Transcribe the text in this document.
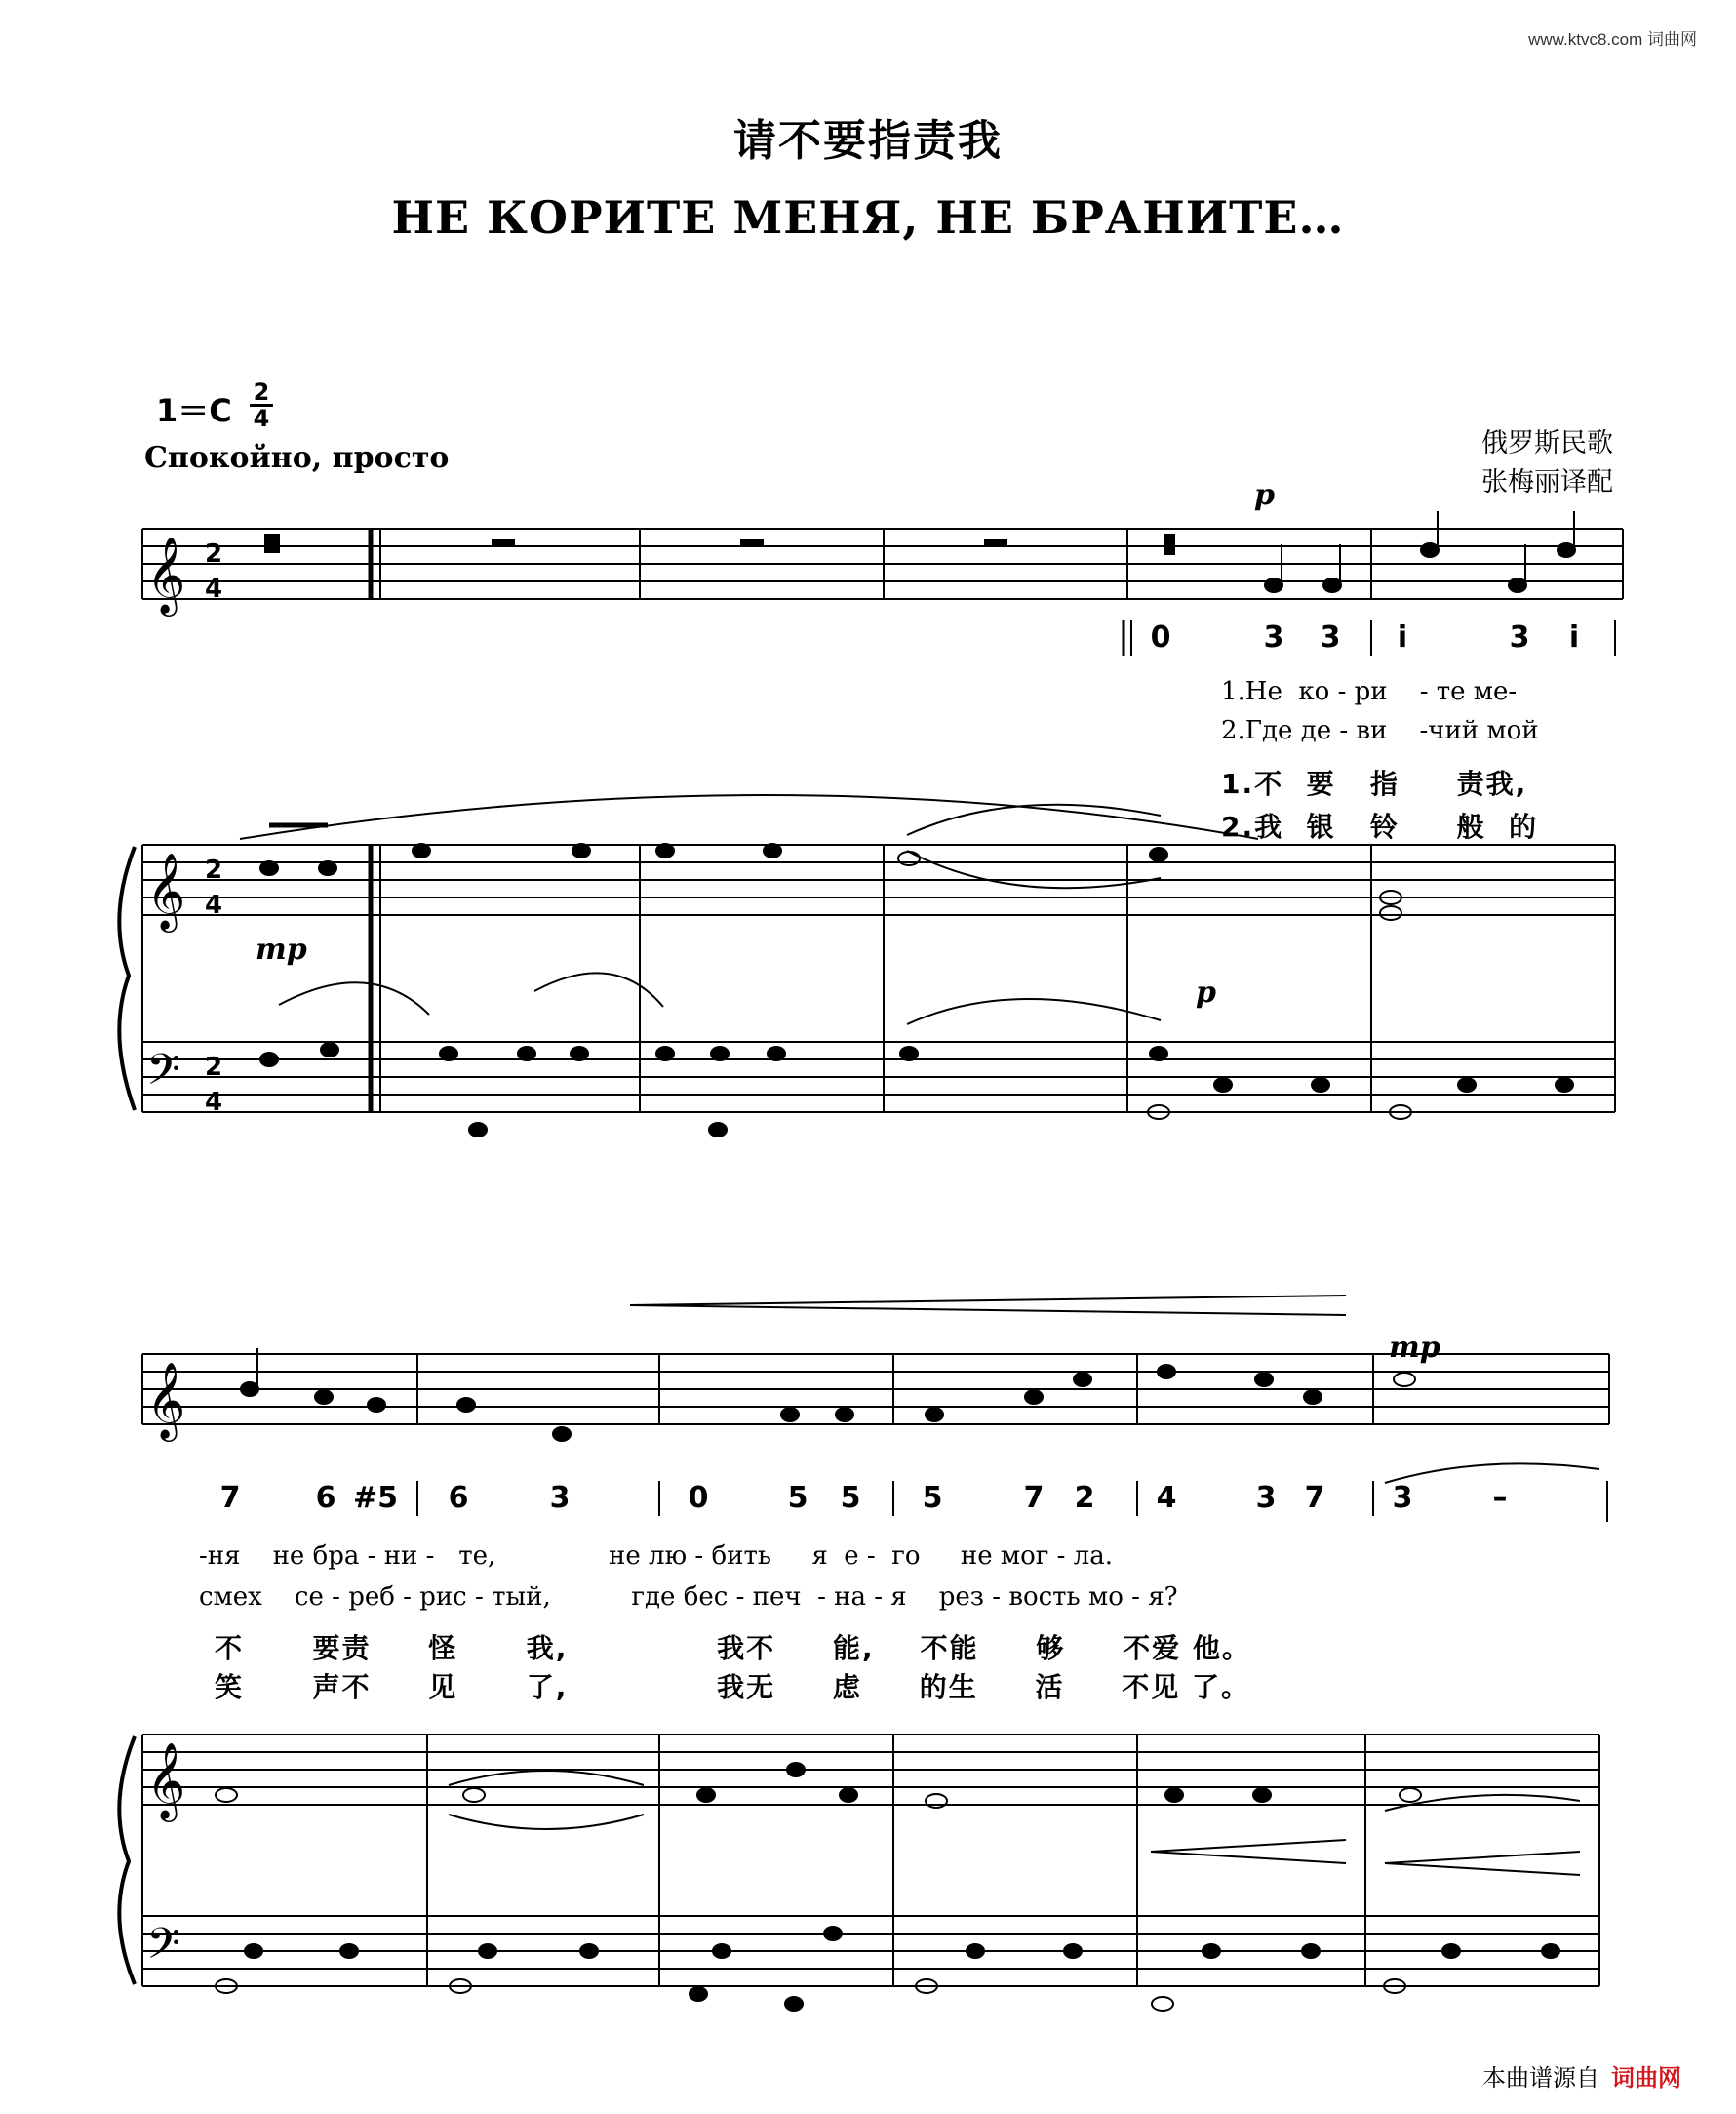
www.ktvc8.com 词曲网
请不要指责我
НЕ КОРИТЕ МЕНЯ, НЕ БРАНИТЕ…
1＝C 2
4
Спокойно, просто	俄罗斯民歌
张梅丽译配
𝄞
𝄞
𝄢
𝄞
𝄞
𝄢
2
4
2
4
2
4
p
mp
p
mp
0	3 3	i	3	i
1.Не ко - ри - те ме-
2.Где де - ви -чий мой
1.不 要 指 责我,
2.我 银 铃 般 的
7	6 #5 6	3	0	5 5 5	7 2 4	3 7 3	–
-ня не бра - ни - те,	не лю - бить я е - го не мог - ла.
смех се - реб - рис - тый,	где бес - печ - на - я рез - вость мо - я?
不	要责 怪	我,	我不 能, 不能 够 不爱 他。
笑	声不 见	了,	我无 虑 的生 活 不见 了。
本曲谱源自 词曲网
